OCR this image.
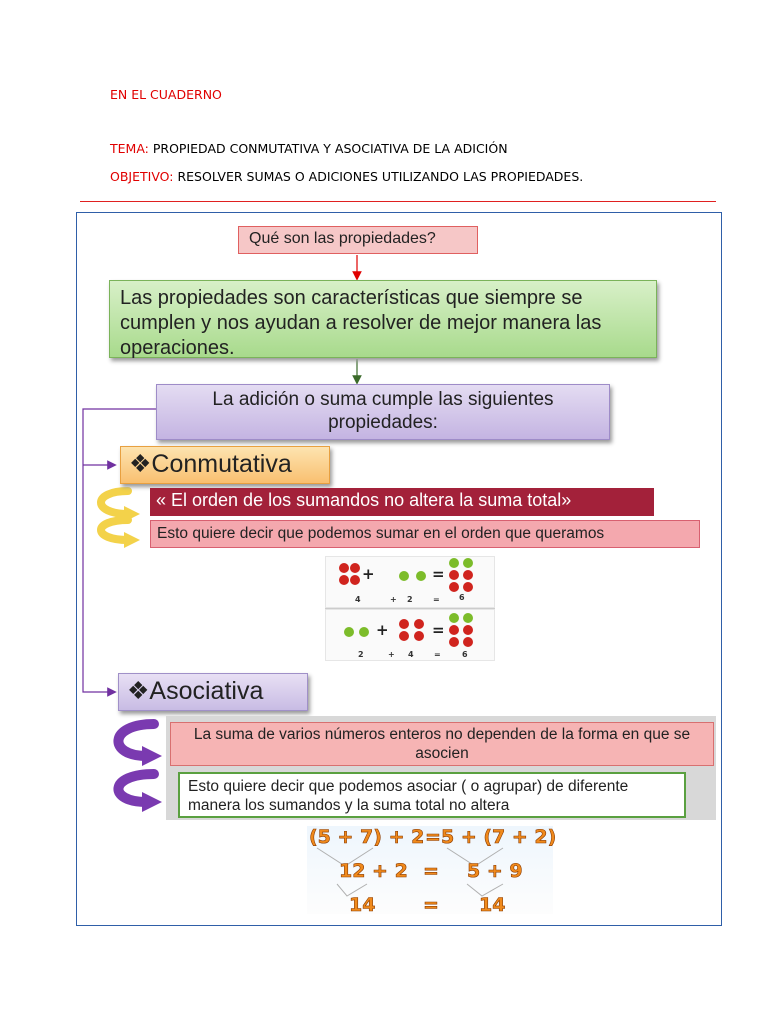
EN EL CUADERNO
TEMA: PROPIEDAD CONMUTATIVA Y ASOCIATIVA DE LA ADICIÓN
OBJETIVO: RESOLVER SUMAS O ADICIONES UTILIZANDO LAS PROPIEDADES.
Qué son las propiedades?
Las propiedades son características que siempre se cumplen y nos ayudan a resolver de mejor manera las operaciones.
La adición o suma cumple las siguientes propiedades:
❖Conmutativa
« El orden de los sumandos no altera la suma total»
Esto quiere decir que podemos sumar en el orden que queramos
+	=
4	+ 2	= 6
+	=
2	+ 4	=	6
❖Asociativa
La suma de varios números enteros no dependen de la forma en que se asocien
Esto quiere decir que podemos asociar ( o agrupar) de diferente manera los sumandos y la suma total no altera
(5 + 7) + 2 = 5 + (7 + 2)
12 + 2 = 5 + 9
14	= 14
